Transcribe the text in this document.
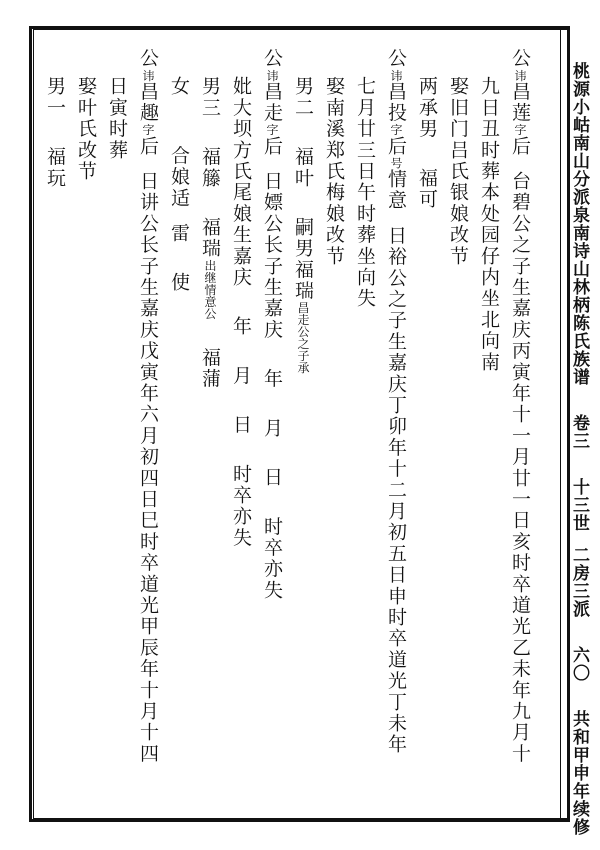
桃源小岵南山分派泉南诗山林柄陈氏族谱卷三十三世二房三派六〇共和甲申年续修
公讳昌莲字后台碧公之子生嘉庆丙寅年十一月廿一日亥时卒道光乙未年九月十
九日丑时葬本处园仔内坐北向南
娶旧门吕氏银娘改节
两承男福可
公讳昌投字后号情意日裕公之子生嘉庆丁卯年十二月初五日申时卒道光丁未年
七月廿三日午时葬坐向失
娶南溪郑氏梅娘改节
男二福叶嗣男福瑞昌走公之子承
公讳昌走字后日嫖公长子生嘉庆年月日时卒亦失
妣大坝方氏尾娘生嘉庆年月日时卒亦失
男三福籐福瑞出继情意公福蒲
女合娘适雷使
公讳昌趣字后日讲公长子生嘉庆戊寅年六月初四日巳时卒道光甲辰年十月十四
日寅时葬
娶叶氏改节
男一福玩
